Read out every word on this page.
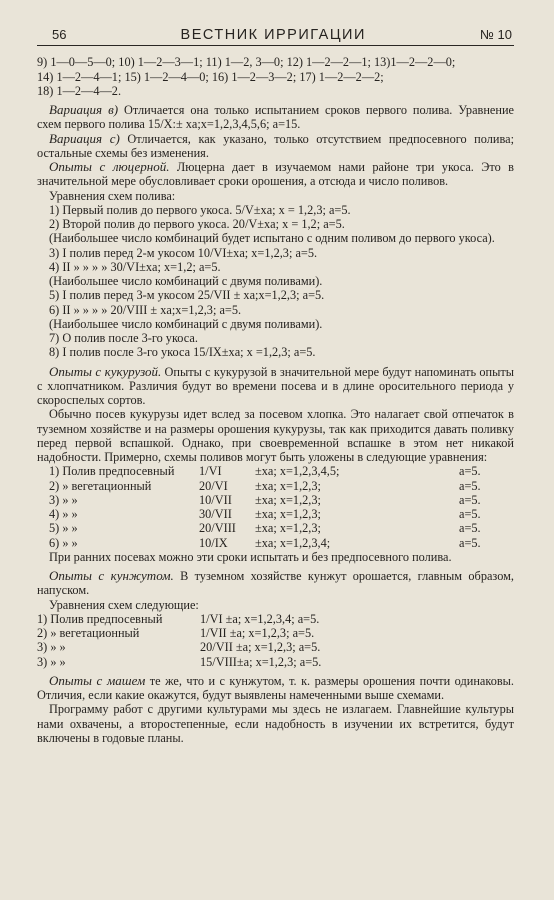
56	ВЕСТНИК ИРРИГАЦИИ	№ 10

9) 1—0—5—0; 10) 1—2—3—1; 11) 1—2, 3—0; 12) 1—2—2—1; 13)1—2—2—0;

14) 1—2—4—1; 15) 1—2—4—0; 16) 1—2—3—2; 17) 1—2—2—2;

18) 1—2—4—2.

Вариация в) Отличается она только испытанием сроков первого полива. Уравнение схем первого полива 15/X:± xa;x=1,2,3,4,5,6; a=15.

Вариация с) Отличается, как указано, только отсутствием предпосевного полива; остальные схемы без изменения.

Опыты с люцерной. Люцерна дает в изучаемом нами районе три укоса. Это в значительной мере обусловливает сроки орошения, а отсюда и число поливов.

Уравнения схем полива:

1) Первый полив до первого укоса. 5/V±xa; x = 1,2,3; a=5.

2) Второй полив до первого укоса. 20/V±xa; x = 1,2; a=5.

(Наибольшее число комбинаций будет испытано с одним поливом до первого укоса).

3) I полив перед 2-м укосом 10/VI±xa; x=1,2,3; a=5.

4) II » » » » 30/VI±xa; x=1,2; a=5.

(Наибольшее число комбинаций с двумя поливами).

5) I полив перед 3-м укосом 25/VII ± xa;x=1,2,3; a=5.

6) II » » » » 20/VIII ± xa;x=1,2,3; a=5.

(Наибольшее число комбинаций с двумя поливами).

7) О полив после 3-го укоса.

8) I полив после 3-го укоса 15/IX±xa; x =1,2,3; a=5.

Опыты с кукурузой. Опыты с кукурузой в значительной мере будут напоминать опыты с хлопчатником. Различия будут во времени посева и в длине оросительного периода у скороспелых сортов.

Обычно посев кукурузы идет вслед за посевом хлопка. Это налагает свой отпечаток в туземном хозяйстве и на размеры орошения кукурузы, так как приходится давать поливку перед первой вспашкой. Однако, при своевременной вспашке в этом нет никакой надобности. Примерно, схемы поливов могут быть уложены в следующие уравнения:

1) Полив предпосевный	1/VI	±xa; x=1,2,3,4,5;	a=5.
2) » вегетационный	20/VI	±xa; x=1,2,3;	a=5.
3) » »	10/VII	±xa; x=1,2,3;	a=5.
4) » »	30/VII	±xa; x=1,2,3;	a=5.
5) » »	20/VIII	±xa; x=1,2,3;	a=5.
6) » »	10/IX	±xa; x=1,2,3,4;	a=5.

При ранних посевах можно эти сроки испытать и без предпосевного полива.

Опыты с кунжутом. В туземном хозяйстве кунжут орошается, главным образом, напуском.

Уравнения схем следующие:

1) Полив предпосевный	1/VI ±a; x=1,2,3,4; a=5.
2) » вегетационный	1/VII ±a; x=1,2,3; a=5.
3) » »	20/VII ±a; x=1,2,3; a=5.
3) » »	15/VIII±a; x=1,2,3; a=5.

Опыты с машем те же, что и с кунжутом, т. к. размеры орошения почти одинаковы. Отличия, если какие окажутся, будут выявлены намеченными выше схемами.

Программу работ с другими культурами мы здесь не излагаем. Главнейшие культуры нами охвачены, а второстепенные, если надобность в изучении их встретится, будут включены в годовые планы.
